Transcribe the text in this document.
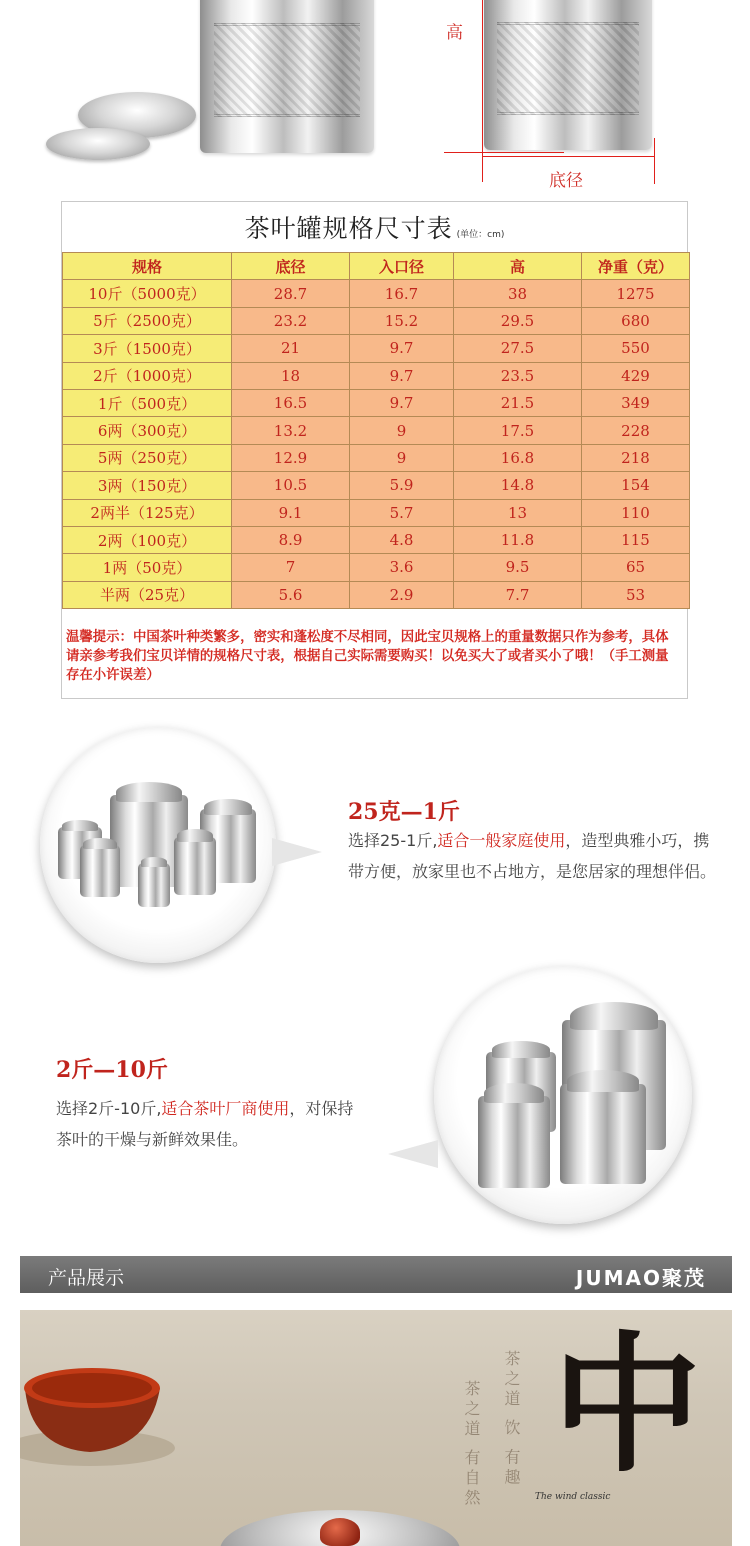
高
底径
茶叶罐规格尺寸表 (单位：cm)
规格	底径	入口径	高	净重（克）
10斤（5000克）	28.7	16.7	38	1275
5斤（2500克）	23.2	15.2	29.5	680
3斤（1500克）	21	9.7	27.5	550
2斤（1000克）	18	9.7	23.5	429
1斤（500克）	16.5	9.7	21.5	349
6两（300克）	13.2	9	17.5	228
5两（250克）	12.9	9	16.8	218
3两（150克）	10.5	5.9	14.8	154
2两半（125克）	9.1	5.7	13	110
2两（100克）	8.9	4.8	11.8	115
1两（50克）	7	3.6	9.5	65
半两（25克）	5.6	2.9	7.7	53
温馨提示：中国茶叶种类繁多，密实和蓬松度不尽相同，因此宝贝规格上的重量数据只作为参考，具体请亲参考我们宝贝详情的规格尺寸表，根据自己实际需要购买！以免买大了或者买小了哦！（手工测量存在小许误差）
25克—1斤
选择25-1斤,适合一般家庭使用，造型典雅小巧，携带方便，放家里也不占地方，是您居家的理想伴侣。
2斤—10斤
选择2斤-10斤,适合茶叶厂商使用，对保持茶叶的干燥与新鲜效果佳。
产品展示	JUMAO聚茂
茶之道 有自然 茶之道 饮 有趣
The wind classic
中
